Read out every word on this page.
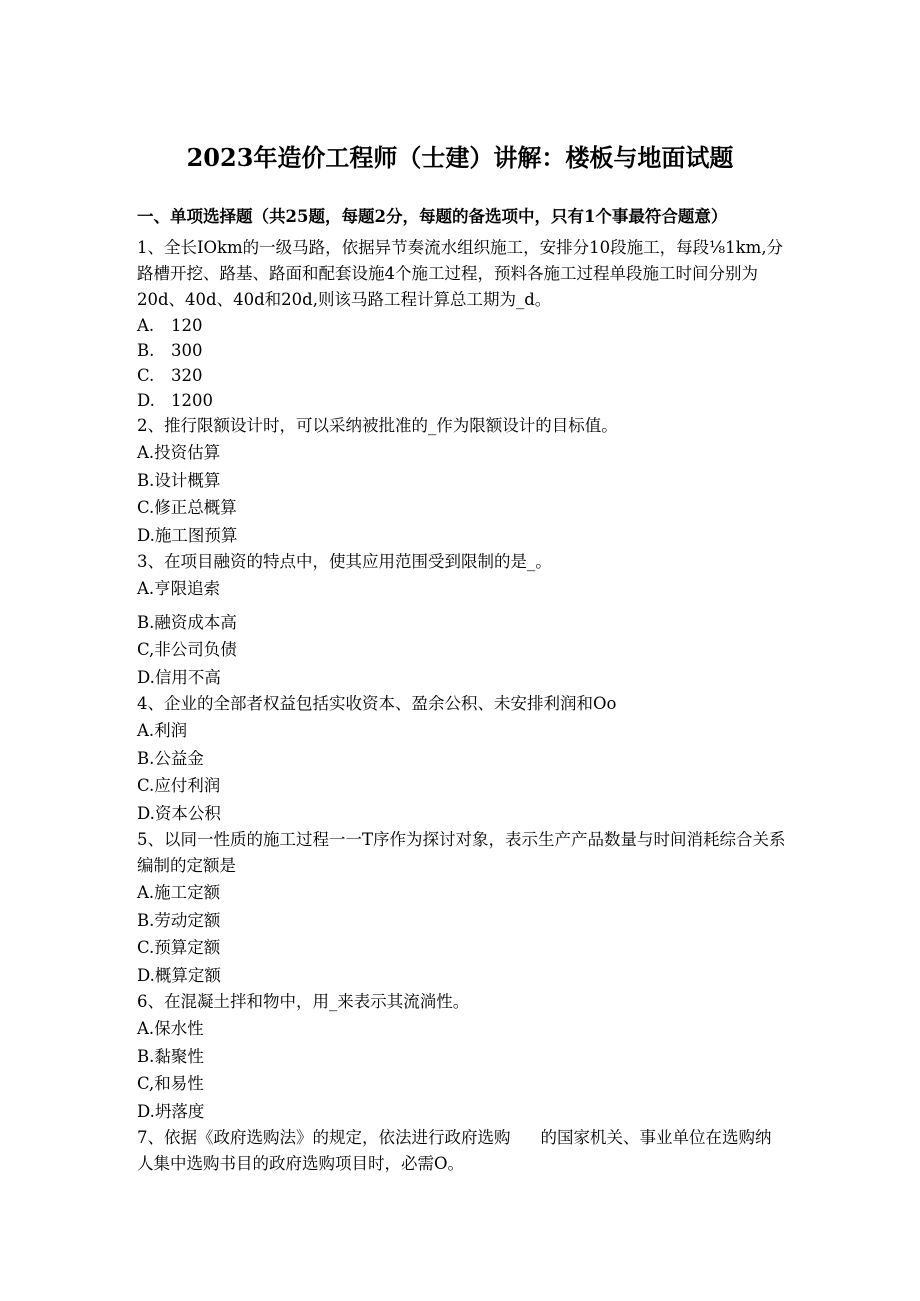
2023年造价工程师（士建）讲解：楼板与地面试题

一、单项选择题（共25题，每题2分，每题的备选项中，只有1个事最符合题意）

1、全长IOkm的一级马路，依据异节奏流水组织施工，安排分10段施工，每段⅛1km,分路槽开挖、路基、路面和配套设施4个施工过程，预料各施工过程单段施工时间分别为20d、40d、40d和20d,则该马路工程计算总工期为_d。

A. 120

B. 300

C. 320

D. 1200

2、推行限额设计时，可以采纳被批准的_作为限额设计的目标值。

A.投资估算

B.设计概算

C.修正总概算

D.施工图预算

3、在项目融资的特点中，使其应用范围受到限制的是_。

A.亨限追索

B.融资成本高

C,非公司负债

D.信用不高

4、企业的全部者权益包括实收资本、盈余公积、未安排利润和Oo

A.利润

B.公益金

C.应付利润

D.资本公积

5、以同一性质的施工过程一一T序作为探讨对象，表示生产产品数量与时间消耗综合关系编制的定额是

A.施工定额

B.劳动定额

C.预算定额

D.概算定额

6、在混凝土拌和物中，用_来表示其流淌性。

A.保水性

B.黏聚性

C,和易性

D.坍落度

7、依据《政府选购法》的规定，依法进行政府选购 的国家机关、事业单位在选购纳人集中选购书目的政府选购项目时，必需O。
